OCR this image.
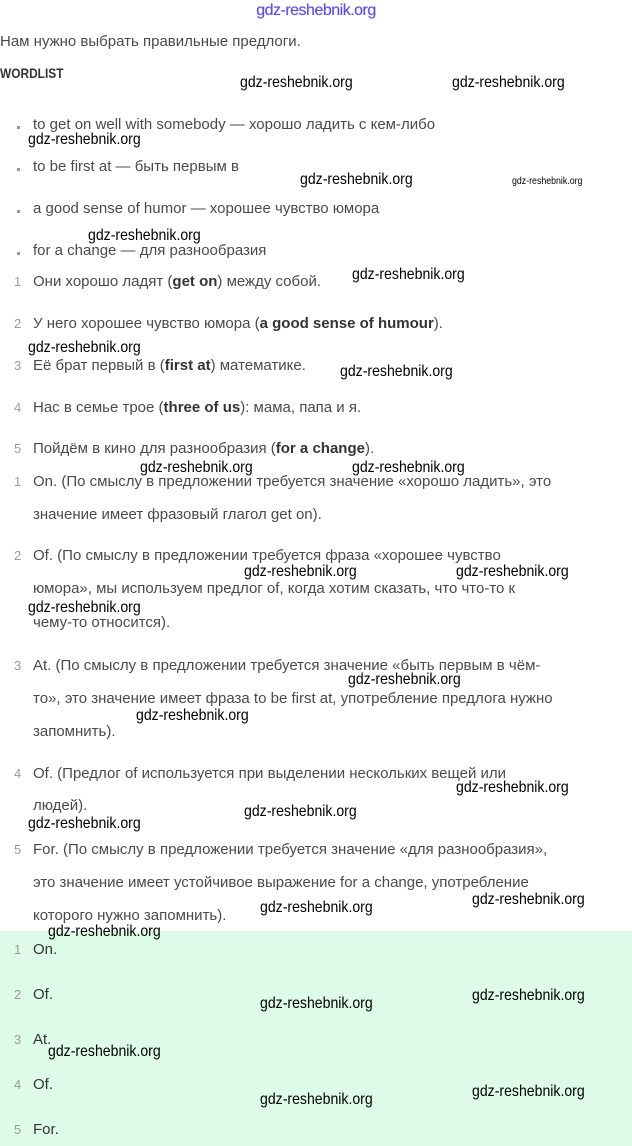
gdz-reshebnik.org
Нам нужно выбрать правильные предлоги.
WORDLIST
to get on well with somebody — хорошо ладить с кем-либо
to be first at — быть первым в
a good sense of humor — хорошее чувство юмора
for a change — для разнообразия
1 Они хорошо ладят (get on) между собой.
2 У него хорошее чувство юмора (a good sense of humour).
3 Её брат первый в (first at) математике.
4 Нас в семье трое (three of us): мама, папа и я.
5 Пойдём в кино для разнообразия (for a change).
1 On. (По смыслу в предложении требуется значение «хорошо ладить», это
значение имеет фразовый глагол get on).
2 Of. (По смыслу в предложении требуется фраза «хорошее чувство
юмора», мы используем предлог of, когда хотим сказать, что что-то к
чему-то относится).
3 At. (По смыслу в предложении требуется значение «быть первым в чём-
то», это значение имеет фраза to be first at, употребление предлога нужно
запомнить).
4 Of. (Предлог of используется при выделении нескольких вещей или
людей).
5 For. (По смыслу в предложении требуется значение «для разнообразия»,
это значение имеет устойчивое выражение for a change, употребление
которого нужно запомнить).
1 On.
2 Of.
3 At.
4 Of.
5 For.
gdz-reshebnik.org	gdz-reshebnik.org
gdz-reshebnik.org
gdz-reshebnik.org	gdz-reshebnik.org
gdz-reshebnik.org
gdz-reshebnik.org
gdz-reshebnik.org
gdz-reshebnik.org
gdz-reshebnik.org	gdz-reshebnik.org
gdz-reshebnik.org	gdz-reshebnik.org
gdz-reshebnik.org
gdz-reshebnik.org
gdz-reshebnik.org
gdz-reshebnik.org
gdz-reshebnik.org
gdz-reshebnik.org
gdz-reshebnik.org	gdz-reshebnik.org
gdz-reshebnik.org
gdz-reshebnik.org	gdz-reshebnik.org
gdz-reshebnik.org
gdz-reshebnik.org	gdz-reshebnik.org
